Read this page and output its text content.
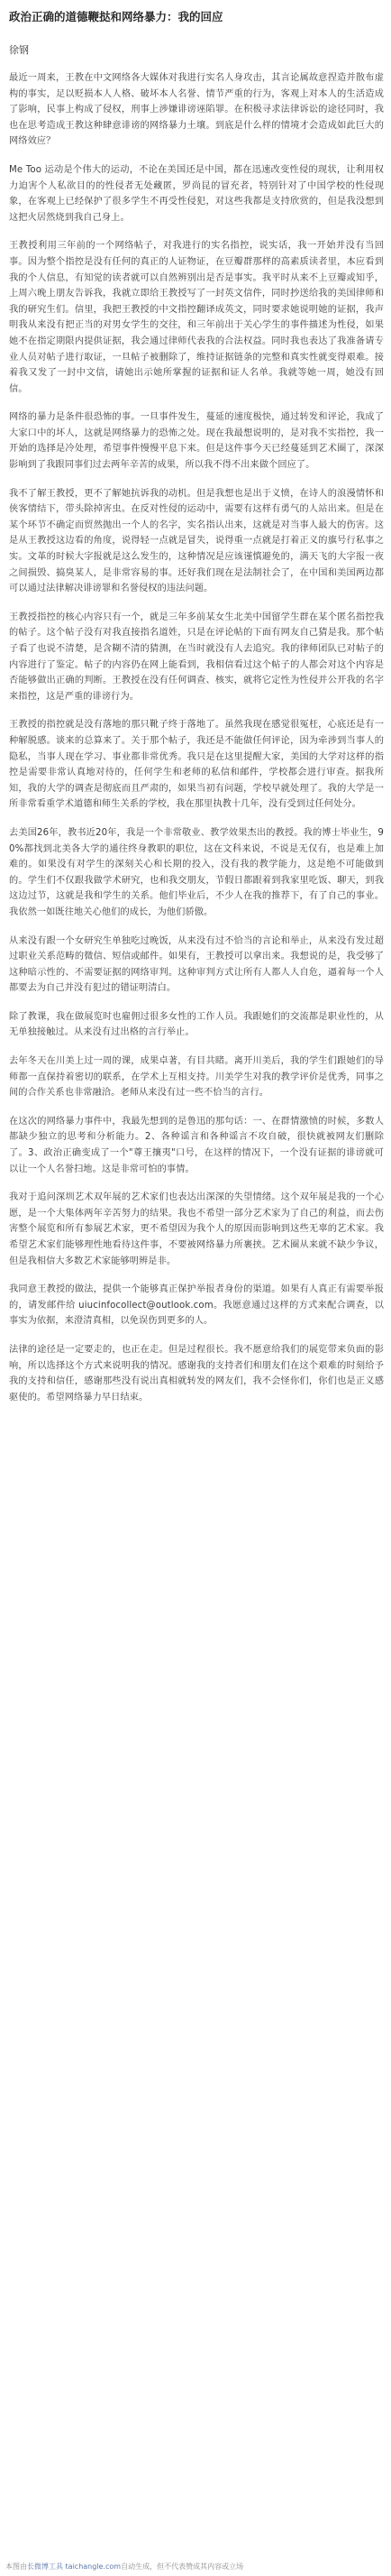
政治正确的道德鞭挞和网络暴力：我的回应
徐钢

最近一周来，王教在中文网络各大媒体对我进行实名人身攻击，其言论属故意捏造并散布虚构的事实，足以贬损本人人格、破坏本人名誉、情节严重的行为，客观上对本人的生活造成了影响，民事上构成了侵权，刑事上涉嫌诽谤诬陷罪。在积极寻求法律诉讼的途径同时，我也在思考造成王教这种肆意诽谤的网络暴力土壤。到底是什么样的情境才会造成如此巨大的网络效应？

Me Too 运动是个伟大的运动，不论在美国还是中国，都在迅速改变性侵的现状，让利用权力迫害个人私欲目的的性侵者无处藏匿，罗尚昆的冒充者，特别针对了中国学校的性侵现象，在客观上已经保护了很多学生不再受性侵犯，对这些我都是支持欣赏的，但是我没想到这把火居然烧到我自己身上。

王教授利用三年前的一个网络帖子，对我进行的实名指控，说实话，我一开始并没有当回事。因为整个指控是没有任何的真正的人证物证，在豆瓣群那样的高素质读者里，本应看到我的个人信息，有知觉的读者就可以自然辨别出是否是事实。我平时从来不上豆瓣或知乎，上周六晚上朋友告诉我，我就立即给王教授写了一封英文信件，同时抄送给我的美国律师和我的研究生们。信里，我把王教授的中文指控翻译成英文，同时要求她说明她的证据，我声明我从来没有把正当的对男女学生的交往，和三年前出于关心学生的事件描述为性侵，如果她不在指定期限内提供证据，我会通过律师代表我的合法权益。同时我也表达了我准备请专业人员对帖子进行取证，一旦帖子被删除了，维持证据链条的完整和真实性就变得艰难。接着我又发了一封中文信，请她出示她所掌握的证据和证人名单。我就等她一周，她没有回信。

网络的暴力是条件很恐怖的事。一旦事件发生，蔓延的速度极快，通过转发和评论，我成了大家口中的坏人，这就是网络暴力的恐怖之处。现在我最想说明的，是对我不实指控，我一开始的选择是冷处理，希望事件慢慢平息下来。但是这件事今天已经蔓延到艺术圈了，深深影响到了我跟同事们过去两年辛苦的成果，所以我不得不出来做个回应了。

我不了解王教授，更不了解她抗诉我的动机。但是我想也是出于义愤，在诗人的浪漫情怀和侠客情结下，带头除掉害虫。在反对性侵的运动中，需要有这样有勇气的人站出来。但是在某个环节不确定而贸然抛出一个人的名字，实名指认出来，这就是对当事人最大的伤害。这是从王教授这边看的角度，说得轻一点就是冒失，说得重一点就是打着正义的旗号行私事之实。文革的时候大字报就是这么发生的，这种情况是应该谨慎避免的，满天飞的大字报一夜之间损毁、搞臭某人，是非常容易的事。还好我们现在是法制社会了，在中国和美国两边都可以通过法律解决诽谤罪和名誉侵权的违法问题。

王教授指控的核心内容只有一个，就是三年多前某女生北美中国留学生群在某个匿名指控我的帖子。这个帖子没有对我直接指名道姓，只是在评论帖的下面有网友自己猜是我。那个帖子看了也说不清楚，是含糊不清的猜测，在当时就没有人去追究。我的律师团队已对帖子的内容进行了鉴定。帖子的内容仍在网上能看到，我相信看过这个帖子的人都会对这个内容是否能够做出正确的判断。王教授在没有任何调查、核实，就将它定性为性侵并公开我的名字来指控，这是严重的诽谤行为。

王教授的指控就是没有落地的那只靴子终于落地了。虽然我现在感觉很冤枉，心底还是有一种解脱感。谈来的总算来了。关于那个帖子，我还是不能做任何评论，因为牵涉到当事人的隐私，当事人现在学习、事业都非常优秀。我只是在这里提醒大家，美国的大学对这样的指控是需要非常认真地对待的，任何学生和老师的私信和邮件，学校都会进行审查。据我所知，我的大学的调查是彻底而且严肃的，如果当初有问题，学校早就处理了。我的大学是一所非常看重学术道德和师生关系的学校，我在那里执教十几年，没有受到过任何处分。

去美国26年，教书近20年，我是一个非常敬业、教学效果杰出的教授。我的博士毕业生，90%都找到北美各大学的通往终身教职的职位，这在文科来说，不说是无仅有，也是难上加难的。如果没有对学生的深刻关心和长期的投入，没有我的教学能力，这是绝不可能做到的。学生们不仅跟我做学术研究，也和我交朋友，节假日都跟着到我家里吃饭、聊天，到我这边过节，这就是我和学生的关系。他们毕业后，不少人在我的推荐下，有了自己的事业。我依然一如既往地关心他们的成长，为他们骄傲。

从来没有跟一个女研究生单独吃过晚饭，从来没有过不恰当的言论和举止，从来没有发过超过职业关系范畴的微信、短信或邮件。如果有，王教授可以拿出来。我想说的是，我受够了这种暗示性的、不需要证据的网络审判。这种审判方式让所有人都人人自危，逼着每一个人都要去为自己并没有犯过的错证明清白。

除了教课，我在做展览时也雇佣过很多女性的工作人员。我跟她们的交流都是职业性的，从无单独接触过。从来没有过出格的言行举止。

去年冬天在川美上过一周的课，成果卓著，有目共睹。离开川美后，我的学生们跟她们的导师都一直保持着密切的联系，在学术上互相支持。川美学生对我的教学评价是优秀，同事之间的合作关系也非常融洽。老师从来没有过一些不恰当的言行。

在这次的网络暴力事件中，我最先想到的是鲁迅的那句话：一、在群情激愤的时候，多数人都缺少独立的思考和分析能力。2、各种谣言和各种谣言不攻自破，很快就被网友们删除了。3、政治正确变成了一个"尊王攘夷"口号，在这样的情况下，一个没有证据的诽谤就可以让一个人名誉扫地。这是非常可怕的事情。

我对于追问深圳艺术双年展的艺术家们也表达出深深的失望情绪。这个双年展是我的一个心愿，是一个大集体两年辛苦努力的结果。我也不希望一部分艺术家为了自己的利益，而去伤害整个展览和所有参展艺术家，更不希望因为我个人的原因而影响到这些无辜的艺术家。我希望艺术家们能够理性地看待这件事，不要被网络暴力所裹挟。艺术圈从来就不缺少争议，但是我相信大多数艺术家能够明辨是非。

我同意王教授的做法，提供一个能够真正保护举报者身份的渠道。如果有人真正有需要举报的，请发邮件给 uiucinfocollect@outlook.com。我愿意通过这样的方式来配合调查，以事实为依据，来澄清真相，以免误伤到更多的人。

法律的途径是一定要走的，也正在走。但是过程很长。我不愿意给我们的展览带来负面的影响，所以选择这个方式来说明我的情况。感谢我的支持者们和朋友们在这个艰难的时刻给予我的支持和信任，感谢那些没有说出真相就转发的网友们，我不会怪你们，你们也是正义感驱使的。希望网络暴力早日结束。

本图由长微博工具 taichangle.com自动生成，但不代表赞成其内容或立场
